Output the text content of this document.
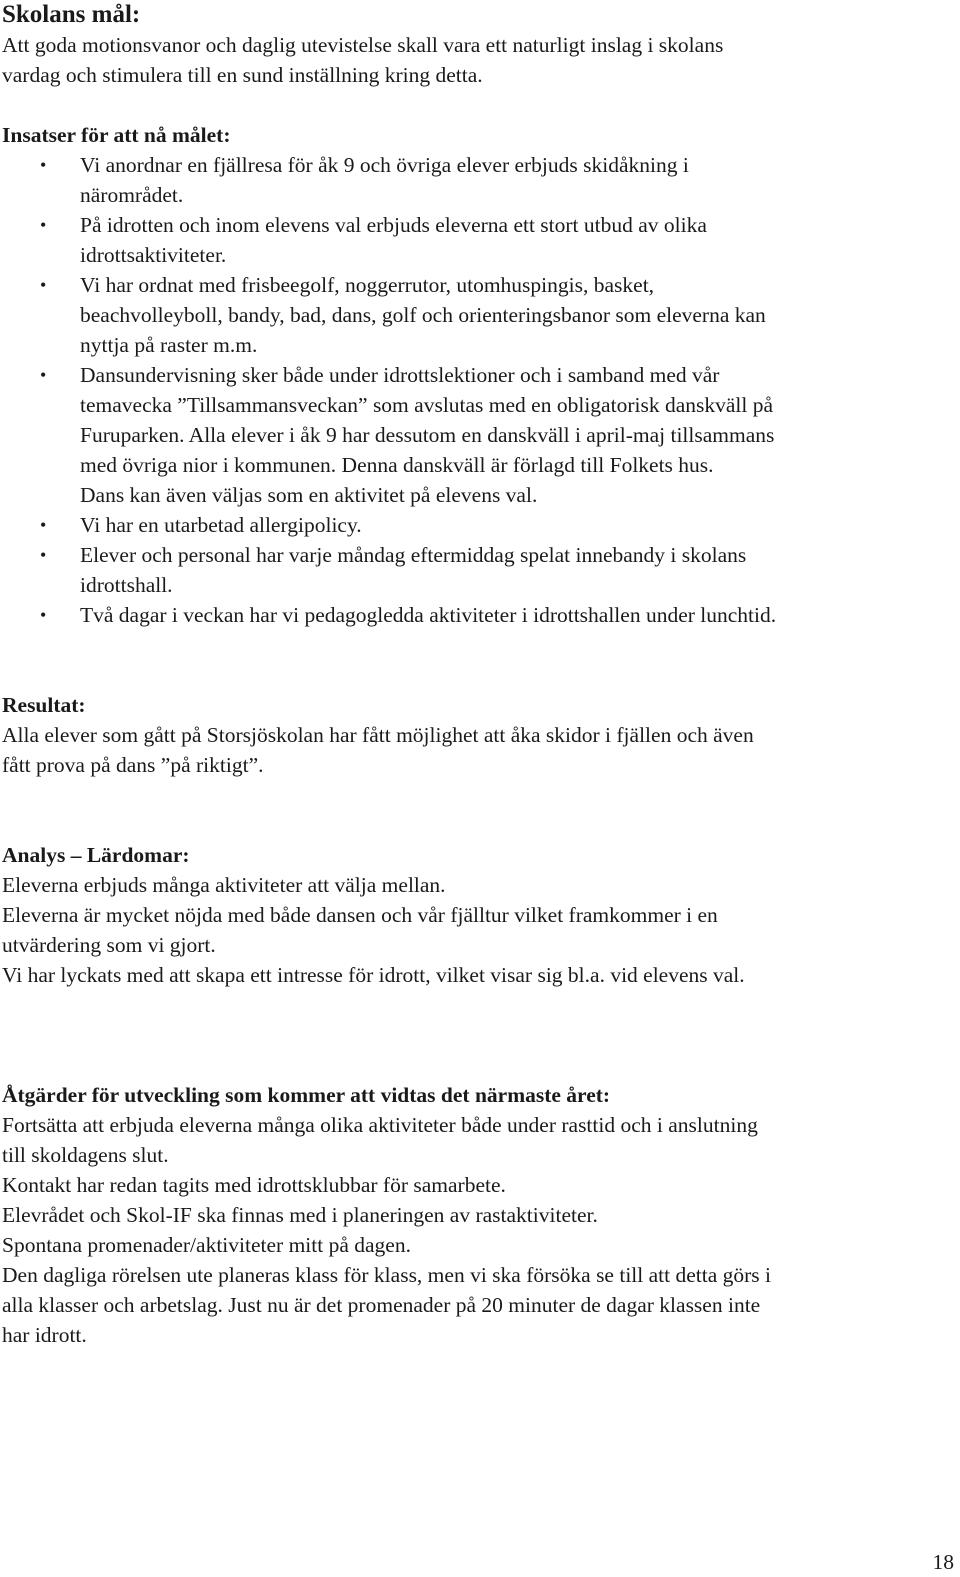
Skolans mål:

Att goda motionsvanor och daglig utevistelse skall vara ett naturligt inslag i skolans

vardag och stimulera till en sund inställning kring detta.

Insatser för att nå målet:

• Vi anordnar en fjällresa för åk 9 och övriga elever erbjuds skidåkning i
närområdet.
• På idrotten och inom elevens val erbjuds eleverna ett stort utbud av olika
idrottsaktiviteter.
• Vi har ordnat med frisbeegolf, noggerrutor, utomhuspingis, basket,
beachvolleyboll, bandy, bad, dans, golf och orienteringsbanor som eleverna kan
nyttja på raster m.m.
• Dansundervisning sker både under idrottslektioner och i samband med vår
temavecka ”Tillsammansveckan” som avslutas med en obligatorisk danskväll på
Furuparken. Alla elever i åk 9 har dessutom en danskväll i april-maj tillsammans
med övriga nior i kommunen. Denna danskväll är förlagd till Folkets hus.
Dans kan även väljas som en aktivitet på elevens val.
• Vi har en utarbetad allergipolicy.
• Elever och personal har varje måndag eftermiddag spelat innebandy i skolans
idrottshall.
• Två dagar i veckan har vi pedagogledda aktiviteter i idrottshallen under lunchtid.

Resultat:

Alla elever som gått på Storsjöskolan har fått möjlighet att åka skidor i fjällen och även

fått prova på dans ”på riktigt”.

Analys – Lärdomar:

Eleverna erbjuds många aktiviteter att välja mellan.

Eleverna är mycket nöjda med både dansen och vår fjälltur vilket framkommer i en

utvärdering som vi gjort.

Vi har lyckats med att skapa ett intresse för idrott, vilket visar sig bl.a. vid elevens val.

Åtgärder för utveckling som kommer att vidtas det närmaste året:

Fortsätta att erbjuda eleverna många olika aktiviteter både under rasttid och i anslutning

till skoldagens slut.

Kontakt har redan tagits med idrottsklubbar för samarbete.

Elevrådet och Skol-IF ska finnas med i planeringen av rastaktiviteter.

Spontana promenader/aktiviteter mitt på dagen.

Den dagliga rörelsen ute planeras klass för klass, men vi ska försöka se till att detta görs i

alla klasser och arbetslag. Just nu är det promenader på 20 minuter de dagar klassen inte

har idrott.

18
